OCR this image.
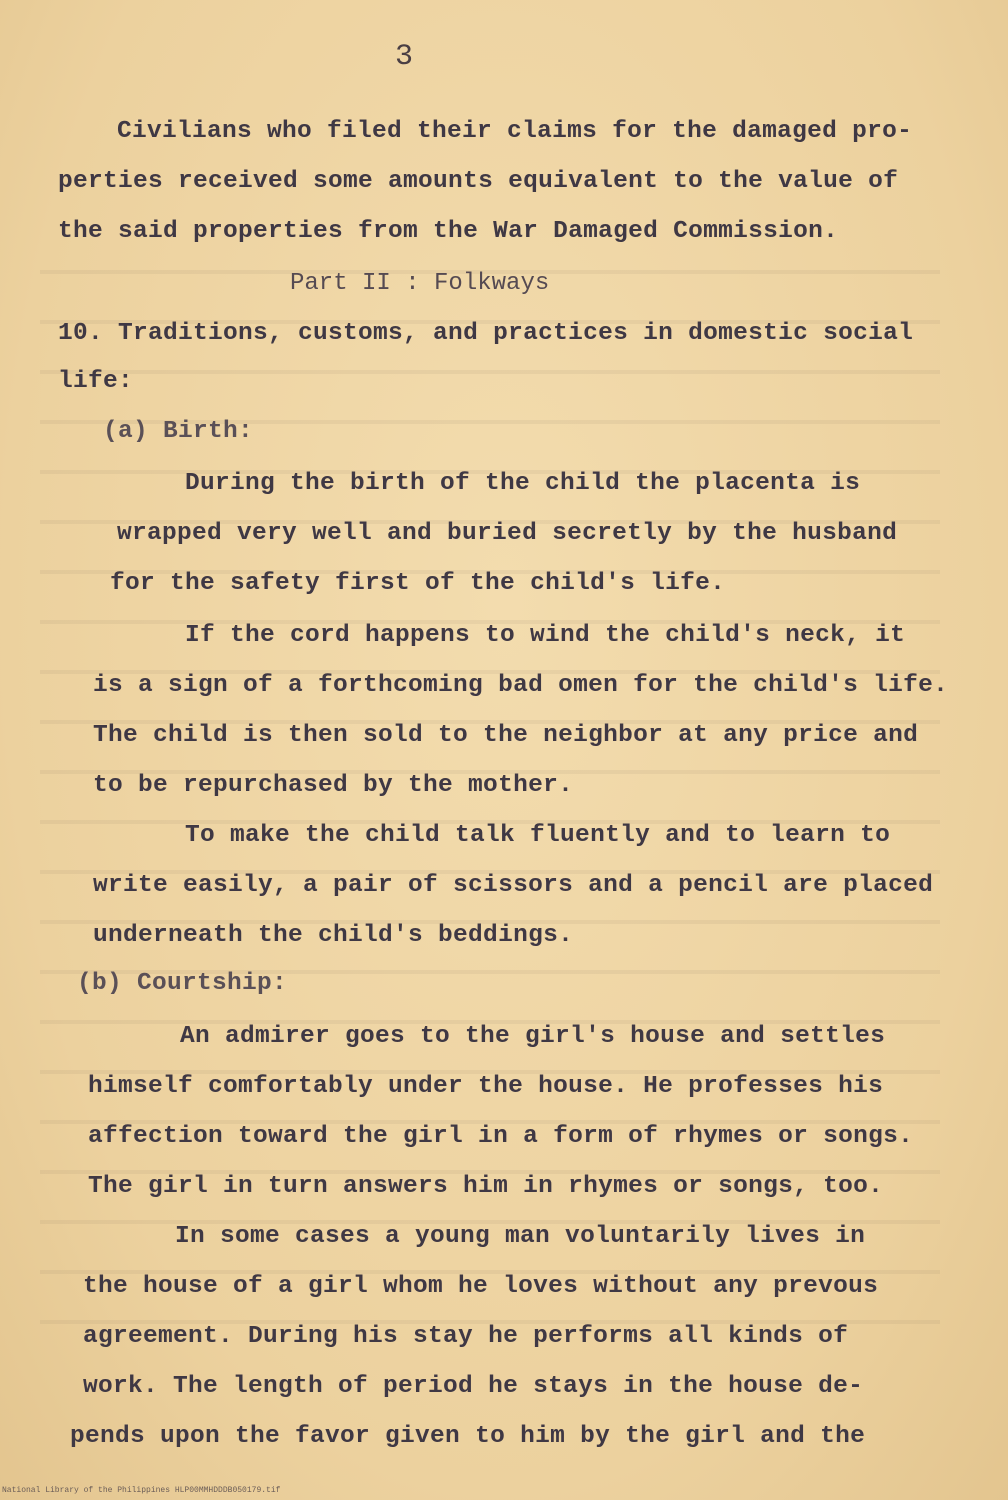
3
Civilians who filed their claims for the damaged pro-
perties received some amounts equivalent to the value of
the said properties from the War Damaged Commission.
Part II : Folkways
10. Traditions, customs, and practices in domestic social
life:
(a) Birth:
During the birth of the child the placenta is
wrapped very well and buried secretly by the husband
for the safety first of the child's life.
If the cord happens to wind the child's neck, it
is a sign of a forthcoming bad omen for the child's life.
The child is then sold to the neighbor at any price and
to be repurchased by the mother.
To make the child talk fluently and to learn to
write easily, a pair of scissors and a pencil are placed
underneath the child's beddings.
(b) Courtship:
An admirer goes to the girl's house and settles
himself comfortably under the house. He professes his
affection toward the girl in a form of rhymes or songs.
The girl in turn answers him in rhymes or songs, too.
In some cases a young man voluntarily lives in
the house of a girl whom he loves without any prevous
agreement. During his stay he performs all kinds of
work. The length of period he stays in the house de-
pends upon the favor given to him by the girl and the
National Library of the Philippines HLP00MMHDDDB050179.tif
